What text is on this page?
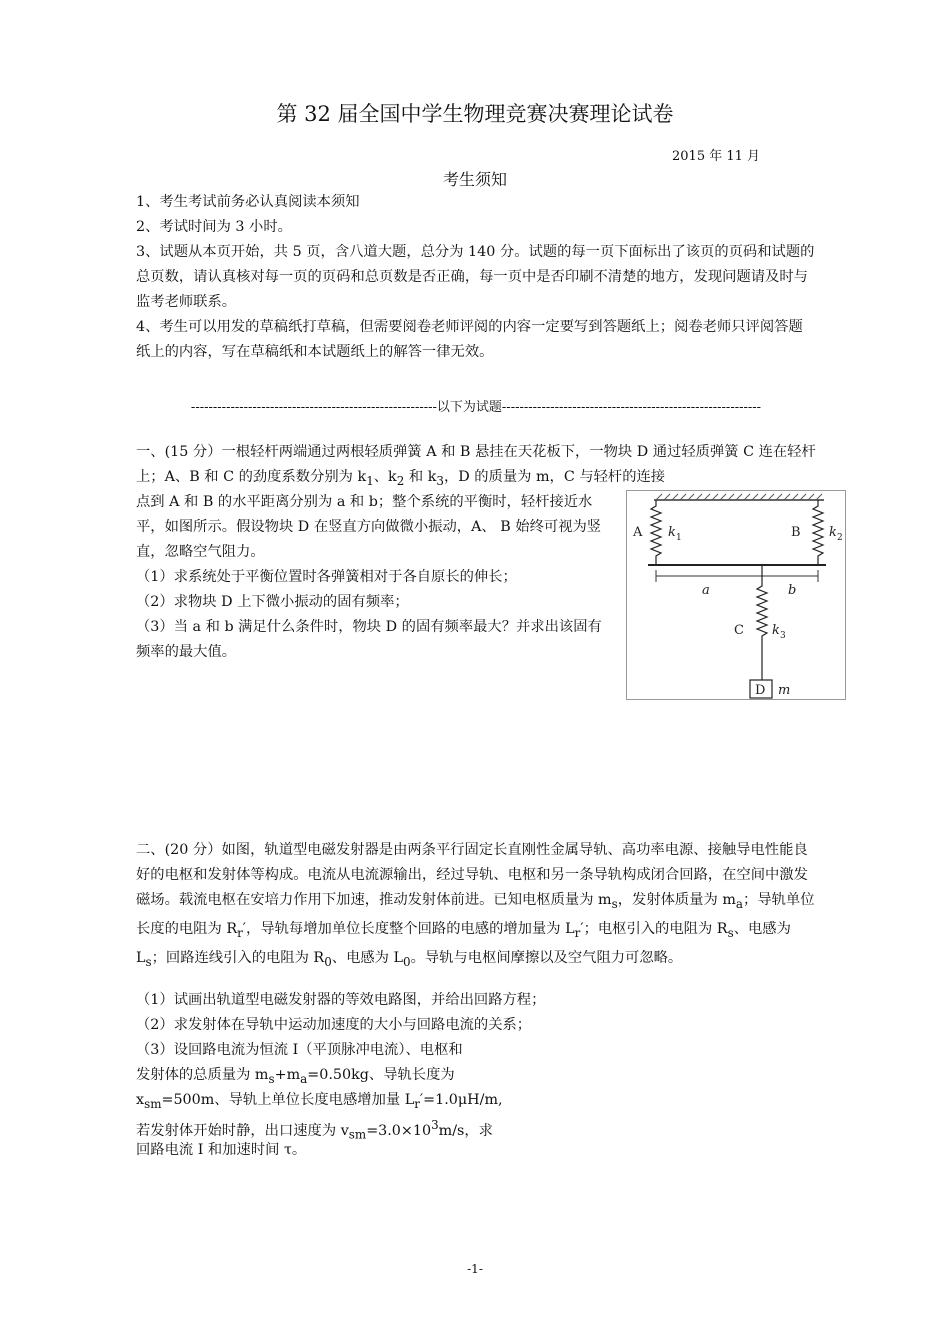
第 32 届全国中学生物理竞赛决赛理论试卷
2015 年 11 月
考生须知
1、考生考试前务必认真阅读本须知
2、考试时间为 3 小时。
3、试题从本页开始，共 5 页，含八道大题，总分为 140 分。试题的每一页下面标出了该页的页码和试题的总页数，请认真核对每一页的页码和总页数是否正确，每一页中是否印刷不清楚的地方，发现问题请及时与监考老师联系。
4、考生可以用发的草稿纸打草稿，但需要阅卷老师评阅的内容一定要写到答题纸上；阅卷老师只评阅答题纸上的内容，写在草稿纸和本试题纸上的解答一律无效。
--------------------------------------------------------以下为试题-----------------------------------------------------------
一、(15 分）一根轻杆两端通过两根轻质弹簧 A 和 B 悬挂在天花板下，一物块 D 通过轻质弹簧 C 连在轻杆上；A、B 和 C 的劲度系数分别为 $k_1$、$k_2$ 和 $k_3$，D 的质量为 m，C 与轻杆的连接
点到 A 和 B 的水平距离分别为 a 和 b；整个系统的平衡时，轻杆接近水平，如图所示。假设物块 D 在竖直方向做微小振动，A、 B 始终可视为竖直，忽略空气阻力。
（1）求系统处于平衡位置时各弹簧相对于各自原长的伸长；
（2）求物块 D 上下微小振动的固有频率；
（3）当 a 和 b 满足什么条件时，物块 D 的固有频率最大？并求出该固有频率的最大值。
A k 1	B k 2
a	b
C k 3
D m
二、(20 分）如图，轨道型电磁发射器是由两条平行固定长直刚性金属导轨、高功率电源、接触导电性能良好的电枢和发射体等构成。电流从电流源输出，经过导轨、电枢和另一条导轨构成闭合回路，在空间中激发磁场。载流电枢在安培力作用下加速，推动发射体前进。已知电枢质量为 $m_s$，发射体质量为 $m_a$；导轨单位长度的电阻为 $R_r'$，导轨每增加单位长度整个回路的电感的增加量为 $L_r'$；电枢引入的电阻为 $R_s$、电感为 $L_s$；回路连线引入的电阻为 $R_0$、电感为 $L_0$。导轨与电枢间摩擦以及空气阻力可忽略。
（1）试画出轨道型电磁发射器的等效电路图，并给出回路方程；
（2）求发射体在导轨中运动加速度的大小与回路电流的关系；
（3）设回路电流为恒流 I（平顶脉冲电流）、电枢和
发射体的总质量为 $m_s+m_a=0.50kg$、导轨长度为
$x_{sm}=500m$、导轨上单位长度电感增加量 $L_r'=1.0\mu H/m$,
若发射体开始时静，出口速度为 $v_{sm}=3.0\times 10^3m/s$，求
回路电流 I 和加速时间 τ。
-1-
